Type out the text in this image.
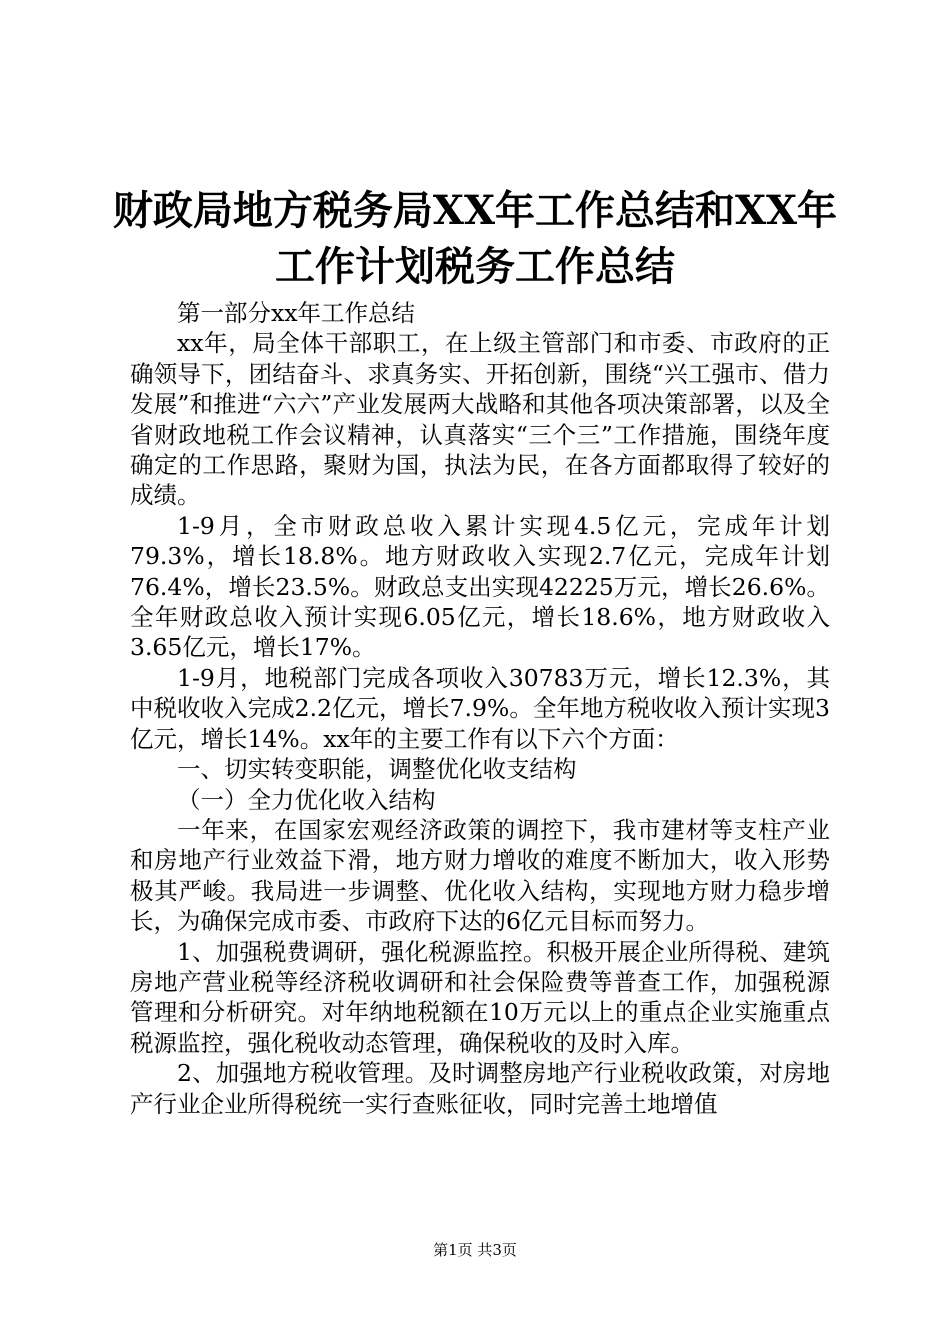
财政局地方税务局XX年工作总结和XX年工作计划税务工作总结

第一部分xx年工作总结

xx年，局全体干部职工，在上级主管部门和市委、市政府的正确领导下，团结奋斗、求真务实、开拓创新，围绕“兴工强市、借力发展”和推进“六六”产业发展两大战略和其他各项决策部署，以及全省财政地税工作会议精神，认真落实“三个三”工作措施，围绕年度确定的工作思路，聚财为国，执法为民，在各方面都取得了较好的成绩。

1-9月，全市财政总收入累计实现4.5亿元，完成年计划79.3%，增长18.8%。地方财政收入实现2.7亿元，完成年计划76.4%，增长23.5%。财政总支出实现42225万元，增长26.6%。全年财政总收入预计实现6.05亿元，增长18.6%，地方财政收入3.65亿元，增长17%。

1-9月，地税部门完成各项收入30783万元，增长12.3%，其中税收收入完成2.2亿元，增长7.9%。全年地方税收收入预计实现3亿元，增长14%。xx年的主要工作有以下六个方面：

一、切实转变职能，调整优化收支结构

（一）全力优化收入结构

一年来，在国家宏观经济政策的调控下，我市建材等支柱产业和房地产行业效益下滑，地方财力增收的难度不断加大，收入形势极其严峻。我局进一步调整、优化收入结构，实现地方财力稳步增长，为确保完成市委、市政府下达的6亿元目标而努力。

1、加强税费调研，强化税源监控。积极开展企业所得税、建筑房地产营业税等经济税收调研和社会保险费等普查工作，加强税源管理和分析研究。对年纳地税额在10万元以上的重点企业实施重点税源监控，强化税收动态管理，确保税收的及时入库。

2、加强地方税收管理。及时调整房地产行业税收政策，对房地产行业企业所得税统一实行查账征收，同时完善土地增值

第1页 共3页
